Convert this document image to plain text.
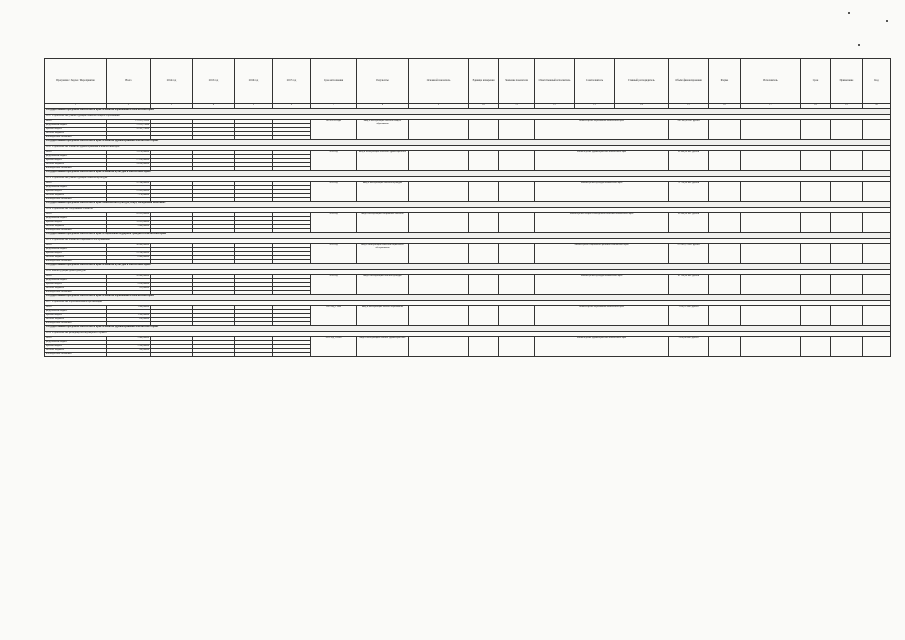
Программа / Задача / Мероприятие	Всего	2014 год	2015 год	2016 год	2017 год	Срок исполнения	Результаты	Основной показатель	Единица измерения	Значение показателя	Ответственный исполнитель	Соисполнитель	Главный распорядитель	Объём финансирования	Форма	Исполнитель	Срок	Примечание	Код
1	2	3	4	5	6	7	8	9	10	11	12	13	14	15	16	17	18	19	20
Государственная программа Камчатского края «Развитие образования в Камчатском крае»																			
12.1. Строительство, реконструкция объектов общего образования																			
Всего	131 053,51000					2014-2016 годы	ввод в эксплуатацию объектов общего образования				Министерство образования Камчатского края			290 300,00 тыс. рублей					
федеральный бюджет	75 105,72000																		
краевой бюджет	55 947,79000																		
местные бюджеты																			
внебюджетные источники																			
Государственная программа Камчатского края «Развитие здравоохранения Камчатского края»																			
12.2. Строительство объектов здравоохранения в Камчатском крае																			
Всего	31 190,00000					2016 год	ввод в эксплуатацию объектов здравоохранения				Министерство здравоохранения Камчатского края			69 800,00 тыс. рублей					
федеральный бюджет																			
краевой бюджет	17 100,00000																		
местные бюджеты	14 090,00000																		
внебюджетные источники																			
Государственная программа Камчатского края «Развитие культуры в Камчатском крае»																			
12.3. Строительство, реконструкция объектов культуры																			
Всего	22 540,00000					2015 год	ввод в эксплуатацию объектов культуры				Министерство культуры Камчатского края			75 750,00 тыс. рублей					
федеральный бюджет																			
краевой бюджет	15 410,00000																		
местные бюджеты	7 130,00000																		
внебюджетные источники																			
Государственная программа Камчатского края «Физическая культура, спорт, молодёжная политика»																			
12.4. Строительство спортивных объектов																			
Всего	83 470,00000					2016 год	ввод в эксплуатацию спортивных объектов				Министерство спорта и молодёжной политики Камчатского края			63 000,00 тыс. рублей					
федеральный бюджет																			
краевой бюджет	78 470,00000																		
местные бюджеты	5 000,00000																		
внебюджетные источники																			
Государственная программа Камчатского края «Социальная поддержка граждан в Камчатском крае»																			
12.5. Строительство объектов социального обслуживания																			
Всего	98 000,00000					2015 год	ввод в эксплуатацию объектов социального обслуживания				Министерство социального развития Камчатского края			112 005,19 тыс. рублей					
федеральный бюджет																			
краевой бюджет	91 540,00000																		
местные бюджеты	6 460,00000																		
внебюджетные источники																			
Государственная программа Камчатского края «Развитие культуры в Камчатском крае»																			
12.6. Реконструкция Дома культуры																			
Всего	10 000,00000					2016 год	ввод в эксплуатацию объекта культуры				Министерство культуры Камчатского края			41 190,00 тыс. рублей					
федеральный бюджет																			
краевой бюджет	9 030,00000																		
местные бюджеты	970,00000																		
внебюджетные источники																			
Государственная программа Камчатского края «Развитие образования в Камчатском крае»																			
12.7. Строительство образовательной организации																			
Всего	1 600,00000					2016 год, I этап	ввод в эксплуатацию объекта образования				Министерство образования Камчатского края			1 996,21 тыс. рублей					
федеральный бюджет																			
краевой бюджет	1 500,00000																		
местные бюджеты	100,00000																		
внебюджетные источники																			
Государственная программа Камчатского края «Развитие здравоохранения Камчатского края»																			
12.8. Строительство фельдшерско-акушерского пункта																			
Всего	2 400,00000					2015 год, II этап	ввод в эксплуатацию объекта здравоохранения				Министерство здравоохранения Камчатского края			3 050,00 тыс. рублей					
федеральный бюджет																			
краевой бюджет	2 200,00000																		
местные бюджеты	200,00000																		
внебюджетные источники																			
